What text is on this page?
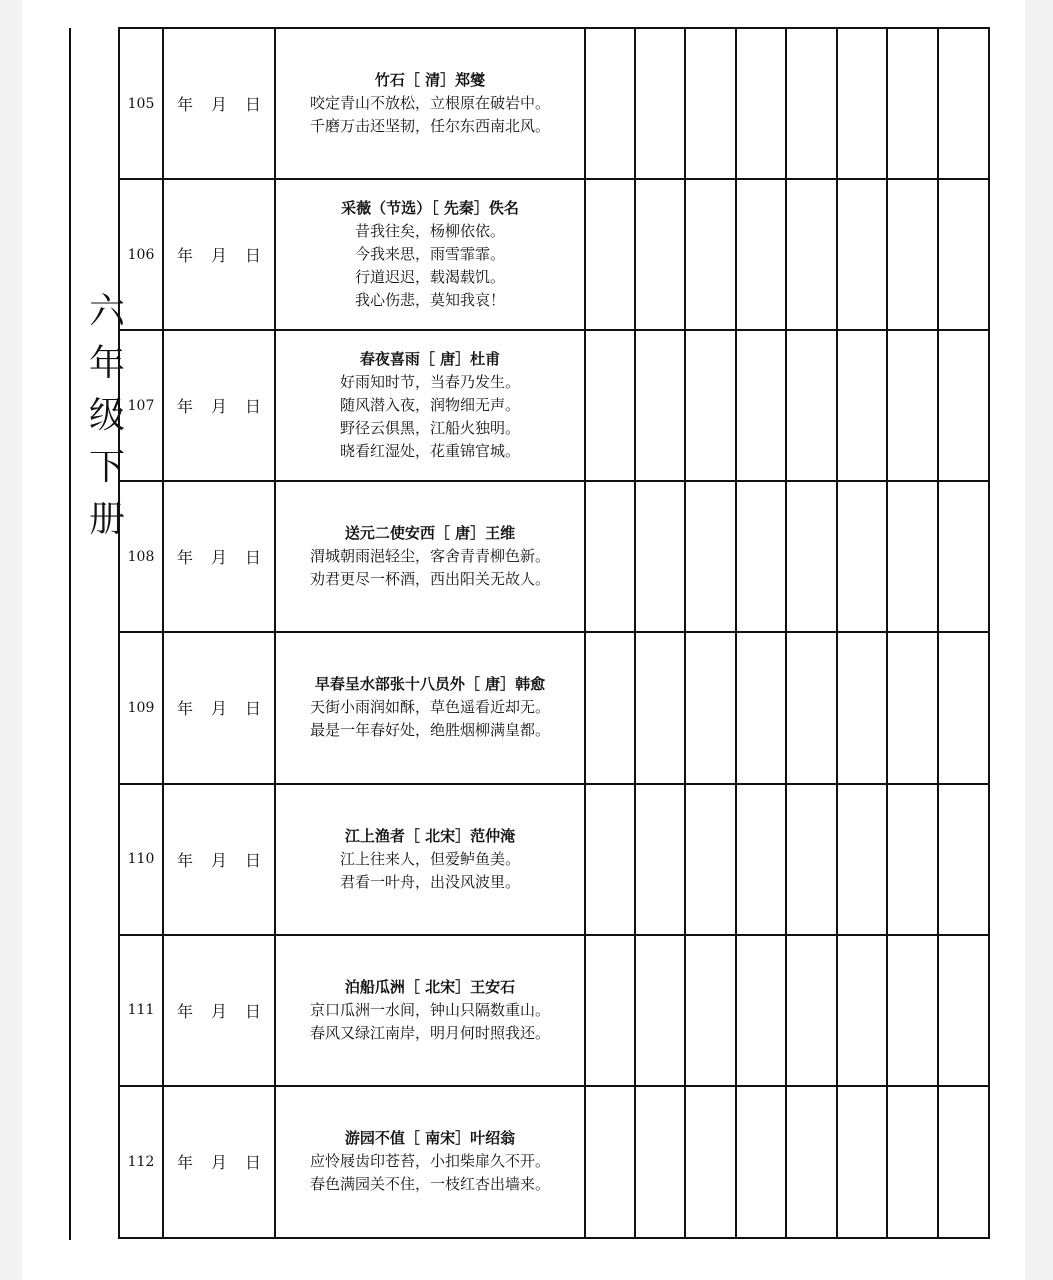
六
年
级
下
册
105	年 月 日	竹石［ 清］郑燮
咬定青山不放松，立根原在破岩中。
千磨万击还坚韧，任尔东西南北风。								

106	年 月 日	采薇（节选）［ 先秦］佚名
昔我往矣，杨柳依依。
今我来思，雨雪霏霏。
行道迟迟，载渴载饥。
我心伤悲，莫知我哀！								

107	年 月 日	春夜喜雨［ 唐］杜甫
好雨知时节，当春乃发生。
随风潜入夜，润物细无声。
野径云俱黑，江船火独明。
晓看红湿处，花重锦官城。								

108	年 月 日	送元二使安西［ 唐］王维
渭城朝雨浥轻尘，客舍青青柳色新。
劝君更尽一杯酒，西出阳关无故人。								

109	年 月 日	早春呈水部张十八员外［ 唐］韩愈
天街小雨润如酥，草色遥看近却无。
最是一年春好处，绝胜烟柳满皇都。								

110	年 月 日	江上渔者［ 北宋］范仲淹
江上往来人，但爱鲈鱼美。
君看一叶舟，出没风波里。								

111	年 月 日	泊船瓜洲［ 北宋］王安石
京口瓜洲一水间，钟山只隔数重山。
春风又绿江南岸，明月何时照我还。								

112	年 月 日	游园不值［ 南宋］叶绍翁
应怜屐齿印苍苔，小扣柴扉久不开。
春色满园关不住，一枝红杏出墙来。								
